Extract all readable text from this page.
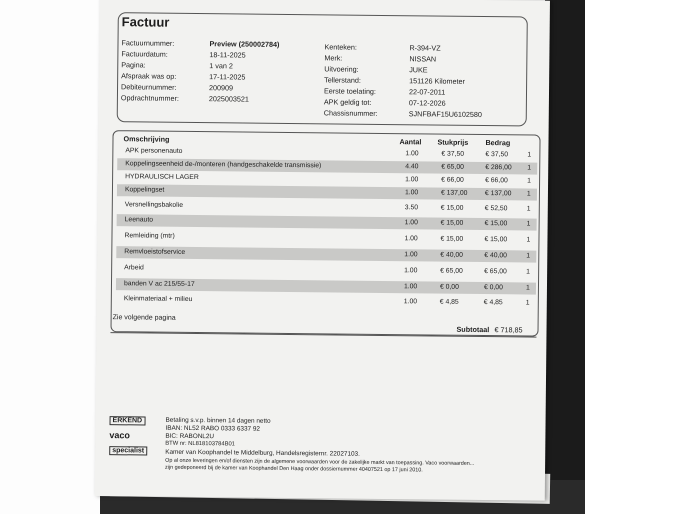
Factuur
Factuurnummer:	Preview (250002784)
Factuurdatum:	18-11-2025
Pagina:	1 van 2
Afspraak was op:	17-11-2025
Debiteurnummer:	200909
Opdrachtnummer:	2025003521
Kenteken:	R-394-VZ
Merk:	NISSAN
Uitvoering:	JUKE
Tellerstand:	151126 Kilometer
Eerste toelating:	22-07-2011
APK geldig tot:	07-12-2026
Chassisnummer:	SJNFBAF15U6102580
Omschrijving	Aantal Stukprijs Bedrag
APK personenauto	1.00	€ 37,50	€ 37,50	1
Koppelingseenheid de-/monteren (handgeschakelde transmissie)	4.40	€ 65,00	€ 286,00 1
HYDRAULISCH LAGER	1.00	€ 66,00	€ 66,00	1
Koppelingset	1.00	€ 137,00	€ 137,00 1
Versnellingsbakolie	3.50	€ 15,00	€ 52,50	1
Leenauto	1.00	€ 15,00	€ 15,00	1
Remleiding (mtr)	1.00	€ 15,00	€ 15,00	1
Remvloeistofservice	1.00	€ 40,00	€ 40,00	1
Arbeid	1.00	€ 65,00	€ 65,00	1
banden V ac 215/55-17	1.00	€ 0,00	€ 0,00	1
Kleinmateriaal + milieu	1.00	€ 4,85	€ 4,85	1
Zie volgende pagina
Subtotaal € 718,85
ERKEND
vaco
specialist
Betaling s.v.p. binnen 14 dagen netto
IBAN: NL52 RABO 0333 6337 92
BIC: RABONL2U
BTW nr: NL818103784B01
Kamer van Koophandel te Middelburg, Handelsregisternr. 22027103.
Op al onze leveringen en/of diensten zijn de algemene voorwaarden voor de zakelijke markt van toepassing. Vaco voorwaarden...
zijn gedeponeerd bij de kamer van Koophandel Den Haag onder dossiernummer 40407521 op 17 juni 2010.
